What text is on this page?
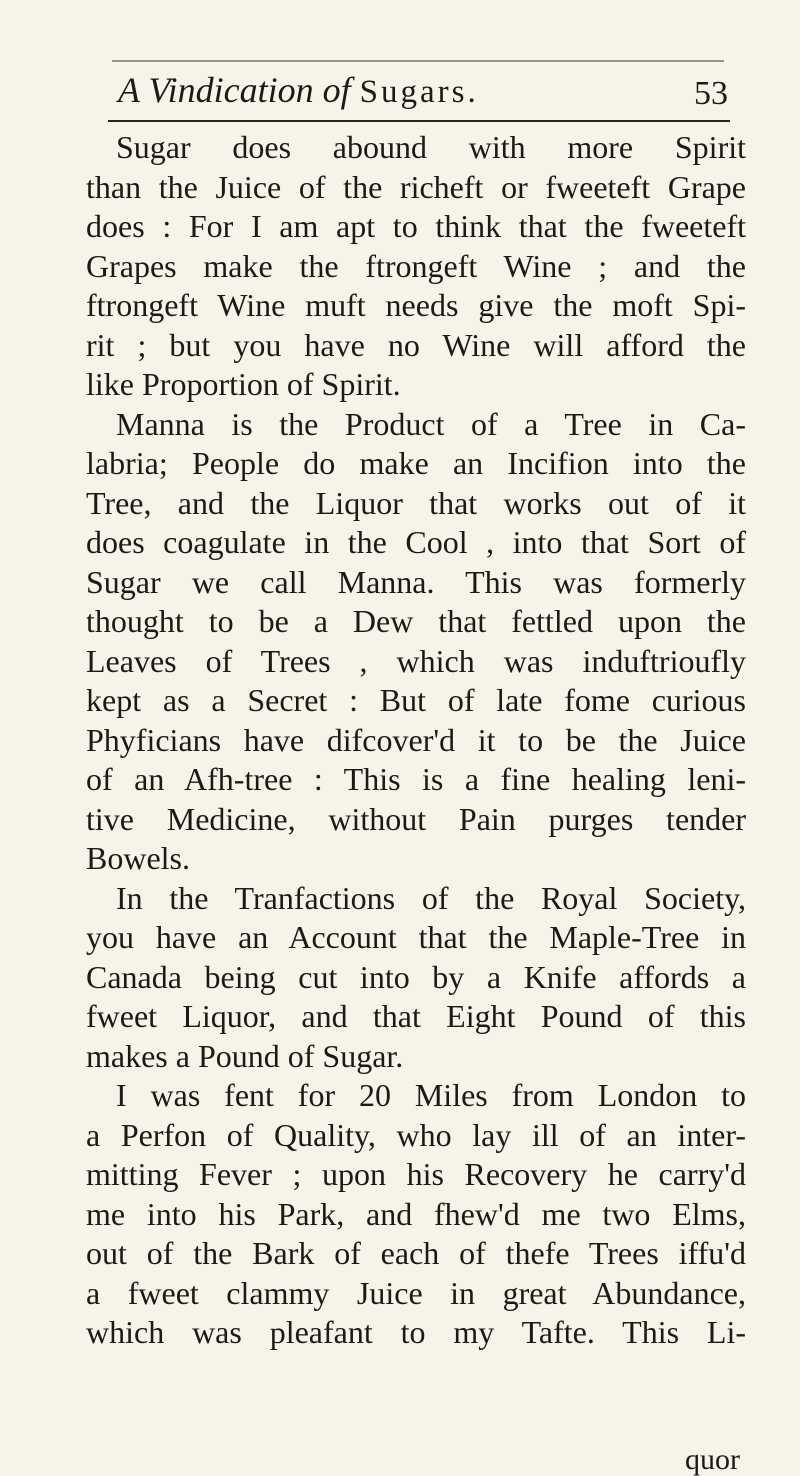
A Vindication of Sugars.	53
Sugar does abound with more Spirit
than the Juice of the richeft or fweeteft Grape
does : For I am apt to think that the fweeteft
Grapes make the ftrongeft Wine ; and the
ftrongeft Wine muft needs give the moft Spi-
rit ; but you have no Wine will afford the
like Proportion of Spirit.
Manna is the Product of a Tree in Ca-
labria; People do make an Incifion into the
Tree, and the Liquor that works out of it
does coagulate in the Cool , into that Sort of
Sugar we call Manna. This was formerly
thought to be a Dew that fettled upon the
Leaves of Trees , which was induftrioufly
kept as a Secret : But of late fome curious
Phyficians have difcover'd it to be the Juice
of an Afh-tree : This is a fine healing leni-
tive Medicine, without Pain purges tender
Bowels.
In the Tranfactions of the Royal Society,
you have an Account that the Maple-Tree in
Canada being cut into by a Knife affords a
fweet Liquor, and that Eight Pound of this
makes a Pound of Sugar.
I was fent for 20 Miles from London to
a Perfon of Quality, who lay ill of an inter-
mitting Fever ; upon his Recovery he carry'd
me into his Park, and fhew'd me two Elms,
out of the Bark of each of thefe Trees iffu'd
a fweet clammy Juice in great Abundance,
which was pleafant to my Tafte. This Li-
quor
